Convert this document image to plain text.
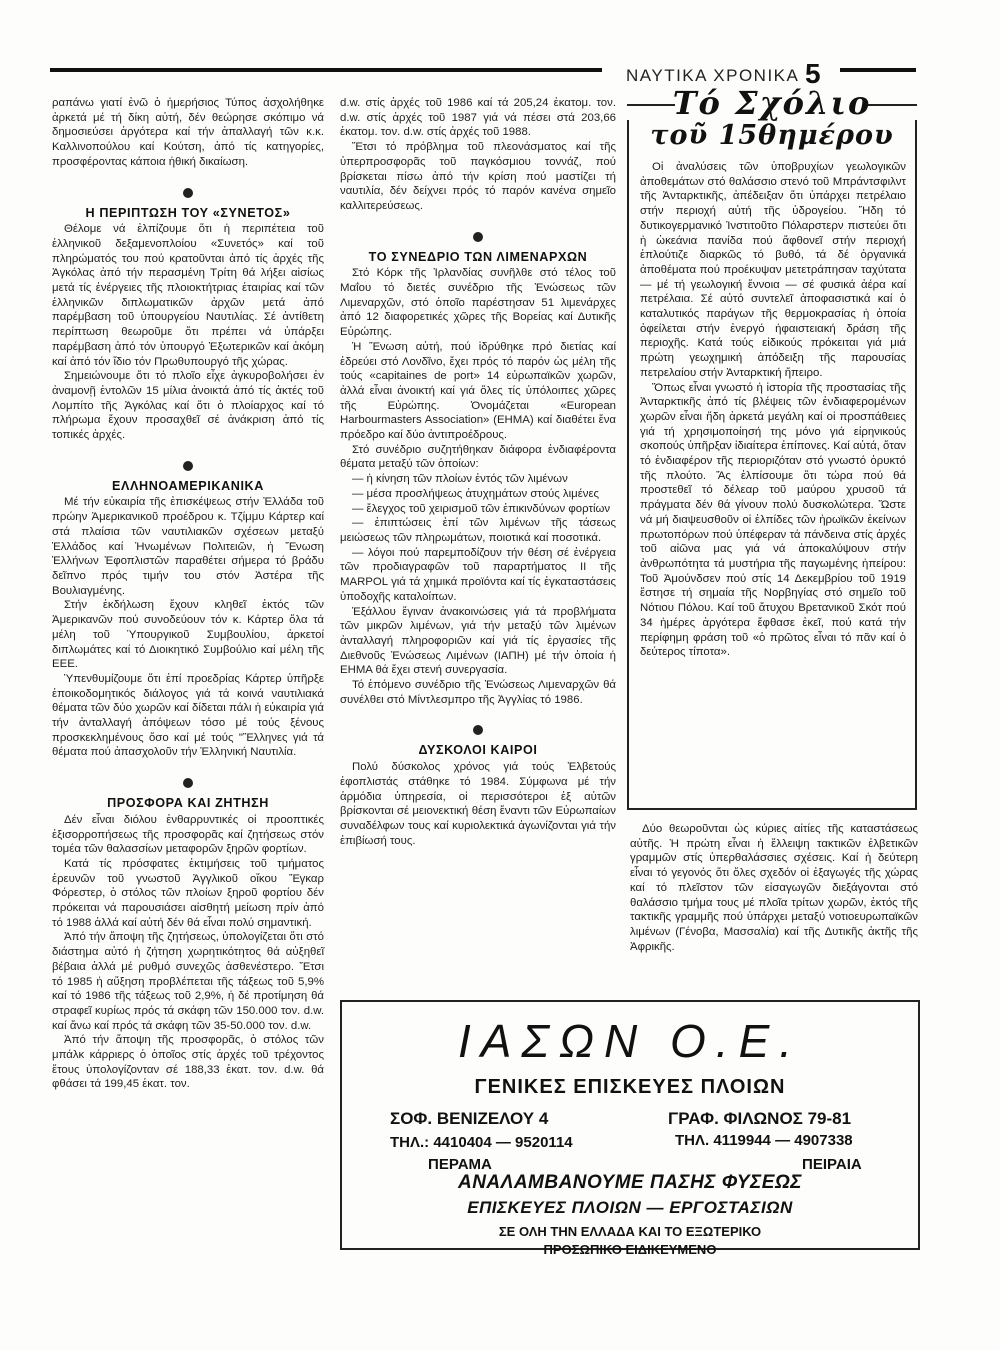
ΝΑΥΤΙΚΑ ΧΡΟΝΙΚΑ 5

ραπάνω γιατί ἐνῶ ὁ ἡμερήσιος Τύπος ἀσχολήθηκε ἀρκετά μέ τή δίκη αὐτή, δέν θεώρησε σκόπιμο νά δημοσιεύσει ἀργότερα καί τήν ἀπαλλαγή τῶν κ.κ. Καλλινοπούλου καί Κούτση, ἀπό τίς κατηγορίες, προσφέροντας κάποια ἠθική δικαίωση.

Η ΠΕΡΙΠΤΩΣΗ ΤΟΥ «ΣΥΝΕΤΟΣ»

Θέλομε νά ἐλπίζουμε ὅτι ἡ περιπέτεια τοῦ ἑλληνικοῦ δεξαμενοπλοίου «Συνετός» καί τοῦ πληρώματός του πού κρατοῦνται ἀπό τίς ἀρχές τῆς Ἀγκόλας ἀπό τήν περασμένη Τρίτη θά λήξει αἰσίως μετά τίς ἐνέργειες τῆς πλοιοκτήτριας ἑταιρίας καί τῶν ἑλληνικῶν διπλωματικῶν ἀρχῶν μετά ἀπό παρέμβαση τοῦ ὑπουργείου Ναυτιλίας. Σέ ἀντίθετη περίπτωση θεωροῦμε ὅτι πρέπει νά ὑπάρξει παρέμβαση ἀπό τόν ὑπουργό Ἐξωτερικῶν καί ἀκόμη καί ἀπό τόν ἴδιο τόν Πρωθυπουργό τῆς χώρας.

Σημειώνουμε ὅτι τό πλοῖο εἶχε ἀγκυροβολήσει ἐν ἀναμονῇ ἐντολῶν 15 μίλια ἀνοικτά ἀπό τίς ἀκτές τοῦ Λομπίτο τῆς Ἀγκόλας καί ὅτι ὁ πλοίαρχος καί τό πλήρωμα ἔχουν προσαχθεῖ σέ ἀνάκριση ἀπό τίς τοπικές ἀρχές.

ΕΛΛΗΝΟΑΜΕΡΙΚΑΝΙΚΑ

Μέ τήν εὐκαιρία τῆς ἐπισκέψεως στήν Ἑλλάδα τοῦ πρώην Ἀμερικανικοῦ προέδρου κ. Τζίμμυ Κάρτερ καί στά πλαίσια τῶν ναυτιλιακῶν σχέσεων μεταξύ Ἑλλάδος καί Ἡνωμένων Πολιτειῶν, ἡ Ἕνωση Ἑλλήνων Ἐφοπλιστῶν παραθέτει σήμερα τό βράδυ δεῖπνο πρός τιμήν του στόν Ἀστέρα τῆς Βουλιαγμένης.

Στήν ἐκδήλωση ἔχουν κληθεῖ ἐκτός τῶν Ἀμερικανῶν πού συνοδεύουν τόν κ. Κάρτερ ὅλα τά μέλη τοῦ Ὑπουργικοῦ Συμβουλίου, ἀρκετοί διπλωμάτες καί τό Διοικητικό Συμβούλιο καί μέλη τῆς ΕΕΕ.

Ὑπενθυμίζουμε ὅτι ἐπί προεδρίας Κάρτερ ὑπῆρξε ἐποικοδομητικός διάλογος γιά τά κοινά ναυτιλιακά θέματα τῶν δύο χωρῶν καί δίδεται πάλι ἡ εὐκαιρία γιά τήν ἀνταλλαγή ἀπόψεων τόσο μέ τούς ξένους προσκεκλημένους ὅσο καί μέ τούς "Ἕλληνες γιά τά θέματα πού ἀπασχολοῦν τήν Ἑλληνική Ναυτιλία.

ΠΡΟΣΦΟΡΑ ΚΑΙ ΖΗΤΗΣΗ

Δέν εἶναι διόλου ἐνθαρρυντικές οἱ προοπτικές ἐξισορροπήσεως τῆς προσφορᾶς καί ζητήσεως στόν τομέα τῶν θαλασσίων μεταφορῶν ξηρῶν φορτίων.

Κατά τίς πρόσφατες ἐκτιμήσεις τοῦ τμήματος ἐρευνῶν τοῦ γνωστοῦ Ἀγγλικοῦ οἴκου Ἔγκαρ Φόρεστερ, ὁ στόλος τῶν πλοίων ξηροῦ φορτίου δέν πρόκειται νά παρουσιάσει αἰσθητή μείωση πρίν ἀπό τό 1988 ἀλλά καί αὐτή δέν θά εἶναι πολύ σημαντική.

Ἀπό τήν ἄποψη τῆς ζητήσεως, ὑπολογίζεται ὅτι στό διάστημα αὐτό ἡ ζήτηση χωρητικότητος θά αὐξηθεῖ βέβαια ἀλλά μέ ρυθμό συνεχῶς ἀσθενέστερο. Ἔτσι τό 1985 ἡ αὔξηση προβλέπεται τῆς τάξεως τοῦ 5,9% καί τό 1986 τῆς τάξεως τοῦ 2,9%, ἡ δέ προτίμηση θά στραφεῖ κυρίως πρός τά σκάφη τῶν 150.000 τον. d.w. καί ἄνω καί πρός τά σκάφη τῶν 35-50.000 τον. d.w.

Ἀπό τήν ἄποψη τῆς προσφορᾶς, ὁ στόλος τῶν μπάλκ κάρριερς ὁ ὁποῖος στίς ἀρχές τοῦ τρέχοντος ἔτους ὑπολογίζονταν σέ 188,33 ἑκατ. τον. d.w. θά φθάσει τά 199,45 ἑκατ. τον.

d.w. στίς ἀρχές τοῦ 1986 καί τά 205,24 ἑκατομ. τον. d.w. στίς ἀρχές τοῦ 1987 γιά νά πέσει στά 203,66 ἑκατομ. τον. d.w. στίς ἀρχές τοῦ 1988.

Ἔτσι τό πρόβλημα τοῦ πλεονάσματος καί τῆς ὑπερπροσφορᾶς τοῦ παγκόσμιου τοννάζ, πού βρίσκεται πίσω ἀπό τήν κρίση πού μαστίζει τή ναυτιλία, δέν δείχνει πρός τό παρόν κανένα σημεῖο καλλιτερεύσεως.

ΤΟ ΣΥΝΕΔΡΙΟ ΤΩΝ ΛΙΜΕΝΑΡΧΩΝ

Στό Κόρκ τῆς Ἰρλανδίας συνῆλθε στό τέλος τοῦ Μαΐου τό διετές συνέδριο τῆς Ἑνώσεως τῶν Λιμεναρχῶν, στό ὁποῖο παρέστησαν 51 λιμενάρχες ἀπό 12 διαφορετικές χῶρες τῆς Βορείας καί Δυτικῆς Εὐρώπης.

Ἡ Ἕνωση αὐτή, πού ἱδρύθηκε πρό διετίας καί ἑδρεύει στό Λονδῖνο, ἔχει πρός τό παρόν ὡς μέλη τῆς τούς «capitaines de port» 14 εὐρωπαϊκῶν χωρῶν, ἀλλά εἶναι ἀνοικτή καί γιά ὅλες τίς ὑπόλοιπες χῶρες τῆς Εὐρώπης. Ὀνομάζεται «European Harbourmasters Association» (EHMA) καί διαθέτει ἕνα πρόεδρο καί δύο ἀντιπροέδρους.

Στό συνέδριο συζητήθηκαν διάφορα ἐνδιαφέροντα θέματα μεταξύ τῶν ὁποίων:

— ἡ κίνηση τῶν πλοίων ἐντός τῶν λιμένων
— μέσα προσλήψεως ἀτυχημάτων στούς λιμένες
— ἔλεγχος τοῦ χειρισμοῦ τῶν ἐπικινδύνων φορτίων
— ἐπιπτώσεις ἐπί τῶν λιμένων τῆς τάσεως μειώσεως τῶν πληρωμάτων, ποιοτικά καί ποσοτικά.
— λόγοι πού παρεμποδίζουν τήν θέση σέ ἐνέργεια τῶν προδιαγραφῶν τοῦ παραρτήματος II τῆς MARPOL γιά τά χημικά προϊόντα καί τίς ἐγκαταστάσεις ὑποδοχῆς καταλοίπων.

Ἐξάλλου ἔγιναν ἀνακοινώσεις γιά τά προβλήματα τῶν μικρῶν λιμένων, γιά τήν μεταξύ τῶν λιμένων ἀνταλλαγή πληροφοριῶν καί γιά τίς ἐργασίες τῆς Διεθνοῦς Ἑνώσεως Λιμένων (IAПH) μέ τήν ὁποία ἡ EHMA θά ἔχει στενή συνεργασία.

Τό ἑπόμενο συνέδριο τῆς Ἑνώσεως Λιμεναρχῶν θά συνέλθει στό Μίντλεσμπρο τῆς Ἀγγλίας τό 1986.

ΔΥΣΚΟΛΟΙ ΚΑΙΡΟΙ

Πολύ δύσκολος χρόνος γιά τούς Ἐλβετούς ἐφοπλιστάς στάθηκε τό 1984. Σύμφωνα μέ τήν ἁρμόδια ὑπηρεσία, οἱ περισσότεροι ἐξ αὐτῶν βρίσκονται σέ μειονεκτική θέση ἔναντι τῶν Εὐρωπαίων συναδέλφων τους καί κυριολεκτικά ἀγωνίζονται γιά τήν ἐπιβίωσή τους.

Τό Σχόλιο
τοῦ 15θημέρου

Οἱ ἀναλύσεις τῶν ὑποβρυχίων γεωλογικῶν ἀποθεμάτων στό θαλάσσιο στενό τοῦ Μπράντσφιλντ τῆς Ἀνταρκτικῆς, ἀπέδειξαν ὅτι ὑπάρχει πετρέλαιο στήν περιοχή αὐτή τῆς ὑδρογείου. Ἤδη τό δυτικογερμανικό Ἰνστιτοῦτο Πόλαρστερν πιστεύει ὅτι ἡ ὠκεάνια πανίδα πού ἄφθονεῖ στήν περιοχή ἐπλούτιζε διαρκῶς τό βυθό, τά δέ ὀργανικά ἀποθέματα πού προέκυψαν μετετράπησαν ταχύτατα — μέ τή γεωλογική ἔννοια — σέ φυσικά ἀέρα καί πετρέλαια. Σέ αὐτό συντελεῖ ἀποφασιστικά καί ὁ καταλυτικός παράγων τῆς θερμοκρασίας ἡ ὁποία ὀφείλεται στήν ἐνεργό ἡφαιστειακή δράση τῆς περιοχῆς. Κατά τούς εἰδικούς πρόκειται γιά μιά πρώτη γεωχημική ἀπόδειξη τῆς παρουσίας πετρελαίου στήν Ἀνταρκτική ἤπειρο.

Ὅπως εἶναι γνωστό ἡ ἱστορία τῆς προστασίας τῆς Ἀνταρκτικῆς ἀπό τίς βλέψεις τῶν ἐνδιαφερομένων χωρῶν εἶναι ἤδη ἀρκετά μεγάλη καί οἱ προσπάθειες γιά τή χρησιμοποίησή της μόνο γιά εἰρηνικούς σκοπούς ὑπῆρξαν ἰδιαίτερα ἐπίπονες. Καί αὐτά, ὅταν τό ἐνδιαφέρον τῆς περιοριζόταν στό γνωστό ὀρυκτό τῆς πλούτο. Ἄς ἐλπίσουμε ὅτι τώρα πού θά προστεθεῖ τό δέλεαρ τοῦ μαύρου χρυσοῦ τά πράγματα δέν θά γίνουν πολύ δυσκολώτερα. Ὥστε νά μή διαψευσθοῦν οἱ ἐλπίδες τῶν ἡρωϊκῶν ἐκείνων πρωτοπόρων πού ὑπέφεραν τά πάνδεινα στίς ἀρχές τοῦ αἰῶνα μας γιά νά ἀποκαλύψουν στήν ἀνθρωπότητα τά μυστήρια τῆς παγωμένης ἠπείρου: Τοῦ Ἀμούνδσεν πού στίς 14 Δεκεμβρίου τοῦ 1919 ἔστησε τή σημαία τῆς Νορβηγίας στό σημεῖο τοῦ Νότιου Πόλου. Καί τοῦ ἄτυχου Βρετανικοῦ Σκότ πού 34 ἡμέρες ἀργότερα ἔφθασε ἐκεῖ, πού κατά τήν περίφημη φράση τοῦ «ὁ πρῶτος εἶναι τό πᾶν καί ὁ δεύτερος τίποτα».

Δύο θεωροῦνται ὡς κύριες αἰτίες τῆς καταστάσεως αὐτῆς. Ἡ πρώτη εἶναι ἡ ἔλλειψη τακτικῶν ἐλβετικῶν γραμμῶν στίς ὑπερθαλάσσιες σχέσεις. Καί ἡ δεύτερη εἶναι τό γεγονός ὅτι ὅλες σχεδόν οἱ ἐξαγωγές τῆς χώρας καί τό πλεῖστον τῶν εἰσαγωγῶν διεξάγονται στό θαλάσσιο τμήμα τους μέ πλοῖα τρίτων χωρῶν, ἐκτός τῆς τακτικῆς γραμμῆς πού ὑπάρχει μεταξύ νοτιοευρωπαϊκῶν λιμένων (Γένοβα, Μασσαλία) καί τῆς Δυτικῆς ἀκτῆς τῆς Ἀφρικῆς.

ΙΑΣΩΝ Ο.Ε.
ΓΕΝΙΚΕΣ ΕΠΙΣΚΕΥΕΣ ΠΛΟΙΩΝ
ΣΟΦ. ΒΕΝΙΖΕΛΟΥ 4	ΓΡΑΦ. ΦΙΛΩΝΟΣ 79-81
ΤΗΛ.: 4410404 — 9520114	ΤΗΛ. 4119944 — 4907338
ΠΕΡΑΜΑ	ΠΕΙΡΑΙΑ
ΑΝΑΛΑΜΒΑΝΟΥΜΕ ΠΑΣΗΣ ΦΥΣΕΩΣ
ΕΠΙΣΚΕΥΕΣ ΠΛΟΙΩΝ — ΕΡΓΟΣΤΑΣΙΩΝ
ΣΕ ΟΛΗ ΤΗΝ ΕΛΛΑΔΑ ΚΑΙ ΤΟ ΕΞΩΤΕΡΙΚΟ
ΠΡΟΣΩΠΙΚΟ ΕΙΔΙΚΕΥΜΕΝΟ
